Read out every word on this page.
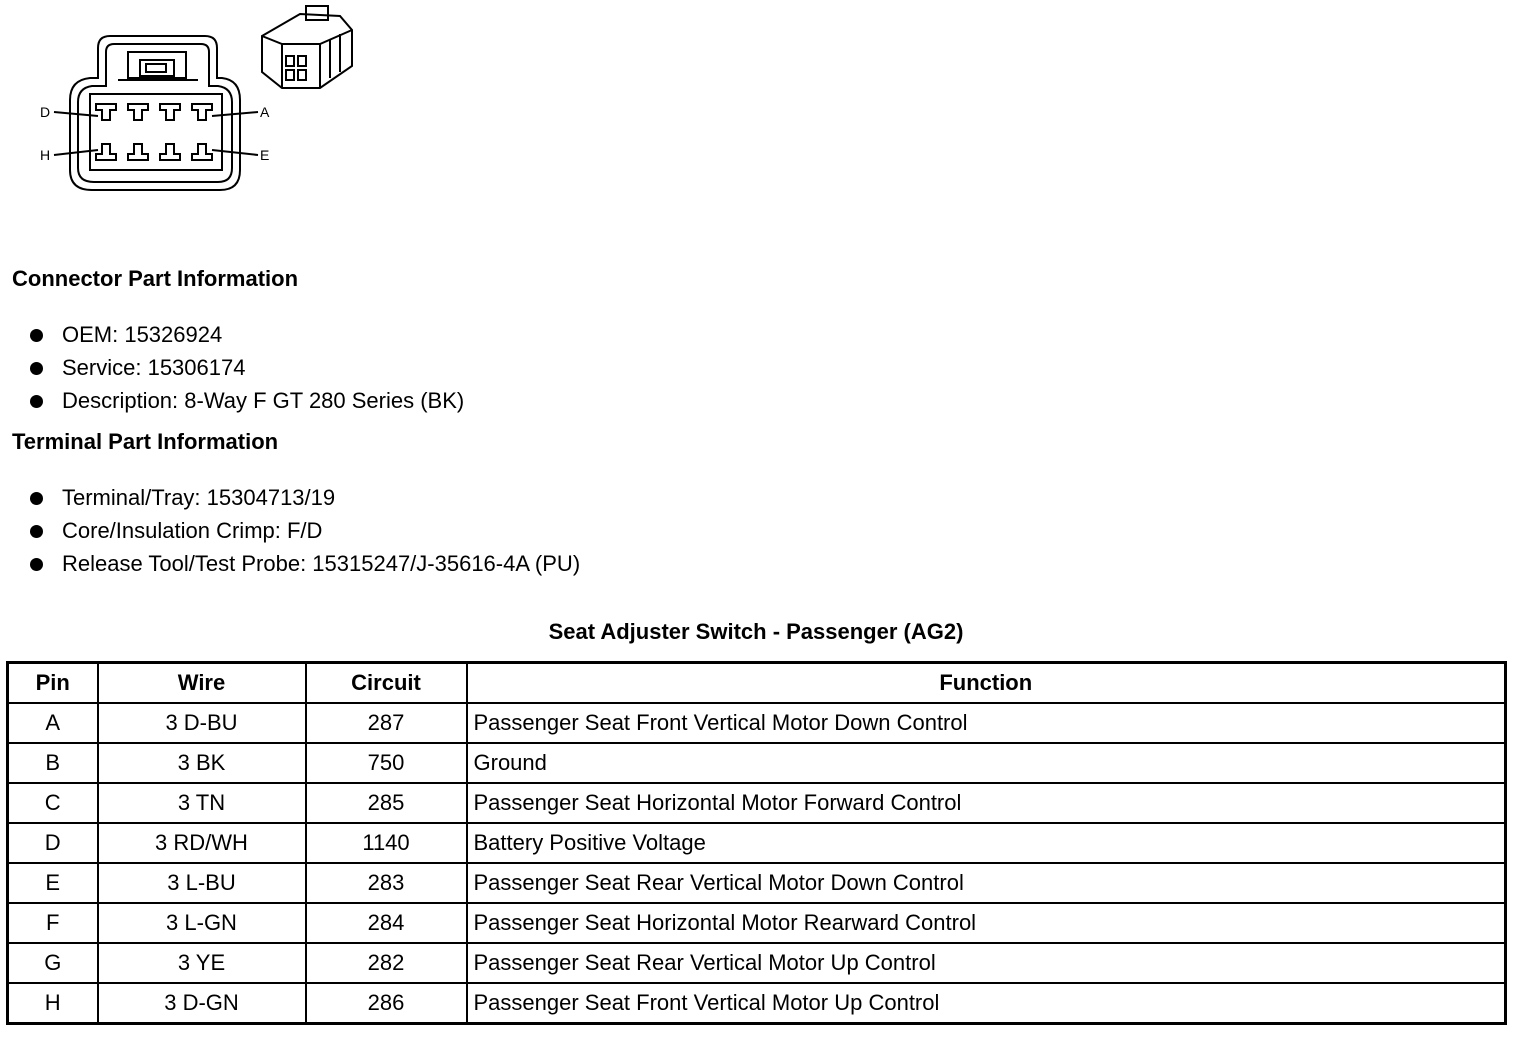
D
H
A
E
Connector Part Information
OEM: 15326924
Service: 15306174
Description: 8-Way F GT 280 Series (BK)
Terminal Part Information
Terminal/Tray: 15304713/19
Core/Insulation Crimp: F/D
Release Tool/Test Probe: 15315247/J-35616-4A (PU)
Seat Adjuster Switch - Passenger (AG2)
Pin	Wire	Circuit	Function
A	3 D-BU	287	Passenger Seat Front Vertical Motor Down Control
B	3 BK	750	Ground
C	3 TN	285	Passenger Seat Horizontal Motor Forward Control
D	3 RD/WH	1140	Battery Positive Voltage
E	3 L-BU	283	Passenger Seat Rear Vertical Motor Down Control
F	3 L-GN	284	Passenger Seat Horizontal Motor Rearward Control
G	3 YE	282	Passenger Seat Rear Vertical Motor Up Control
H	3 D-GN	286	Passenger Seat Front Vertical Motor Up Control
